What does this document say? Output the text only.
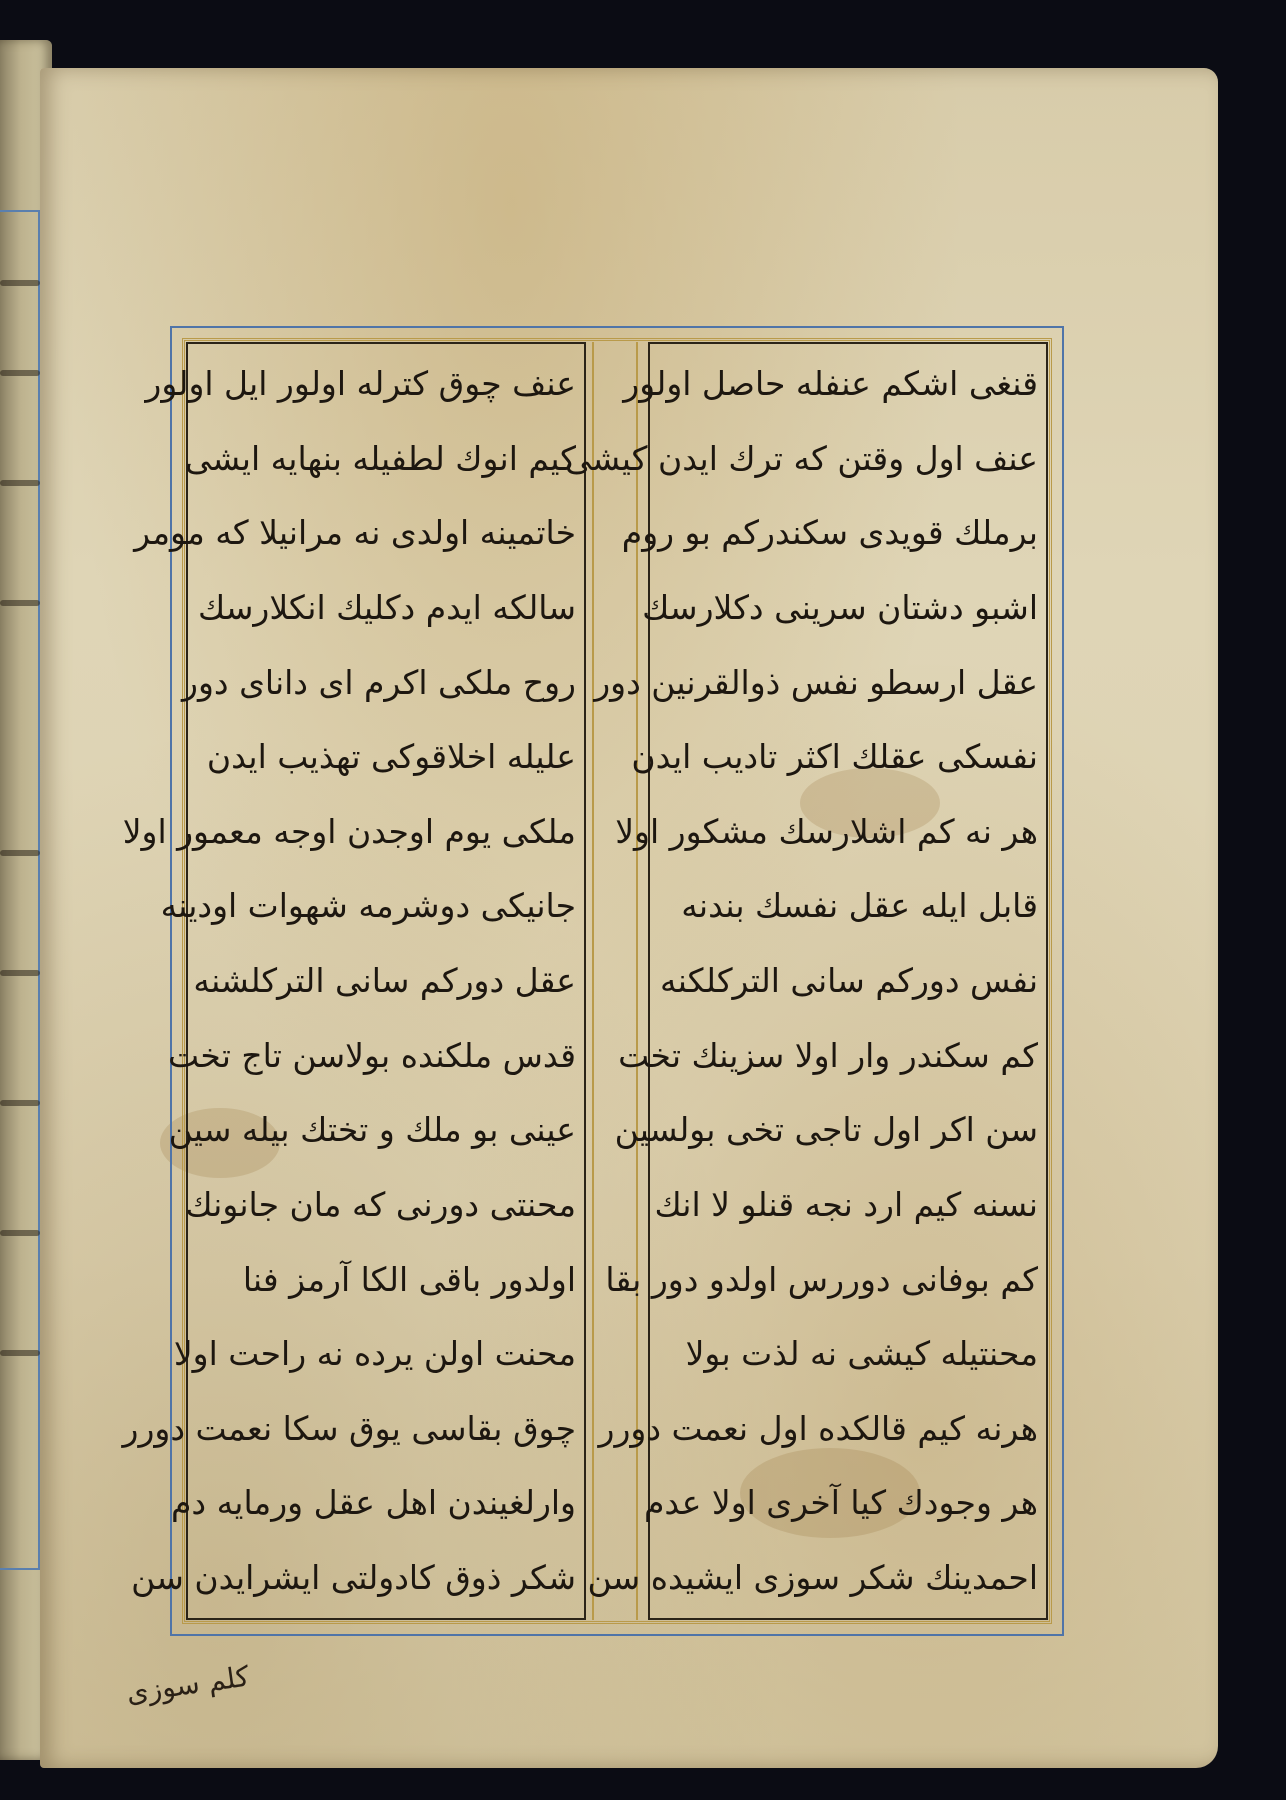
عنف چوق کترله اولور ایل اولور
کیم انوك لطفیله بنهایه ایشی
خاتمینه اولدی نه مرانیلا که مومر
سالکه ایدم دکلیك انکلارسك
روح ملکی اکرم ای دانای دور
علیله اخلاقوکی تهذیب ایدن
ملکی یوم اوجدن اوجه معمور اولا
جانیکی دوشرمه شهوات اودینه
عقل دورکم سانی الترکلشنه
قدس ملکنده بولاسن تاج تخت
عینی بو ملك و تختك بیله سین
محنتی دورنی که مان جانونك
اولدور باقی الکا آرمز فنا
محنت اولن یرده نه راحت اولا
چوق بقاسی یوق سکا نعمت دورر
وارلغیندن اهل عقل ورمایه دم
شکر ذوق کادولتی ایشرایدن سن
قنغی اشکم عنفله حاصل اولور
عنف اول وقتن که ترك ایدن کیشی
برملك قویدی سکندرکم بو روم
اشبو دشتان سرینی دکلارسك
عقل ارسطو نفس ذوالقرنین دور
نفسکی عقلك اکثر تادیب ایدن
هر نه کم اشلارسك مشکور اولا
قابل ایله عقل نفسك بندنه
نفس دورکم سانی الترکلکنه
کم سکندر وار اولا سزینك تخت
سن اکر اول تاجی تخی بولسین
نسنه کیم ارد نجه قنلو لا انك
کم بوفانی دوررس اولدو دور بقا
محنتیله کیشی نه لذت بولا
هرنه کیم قالکده اول نعمت دورر
هر وجودك کیا آخری اولا عدم
احمدینك شکر سوزی ایشیده سن
کلم سوزی
